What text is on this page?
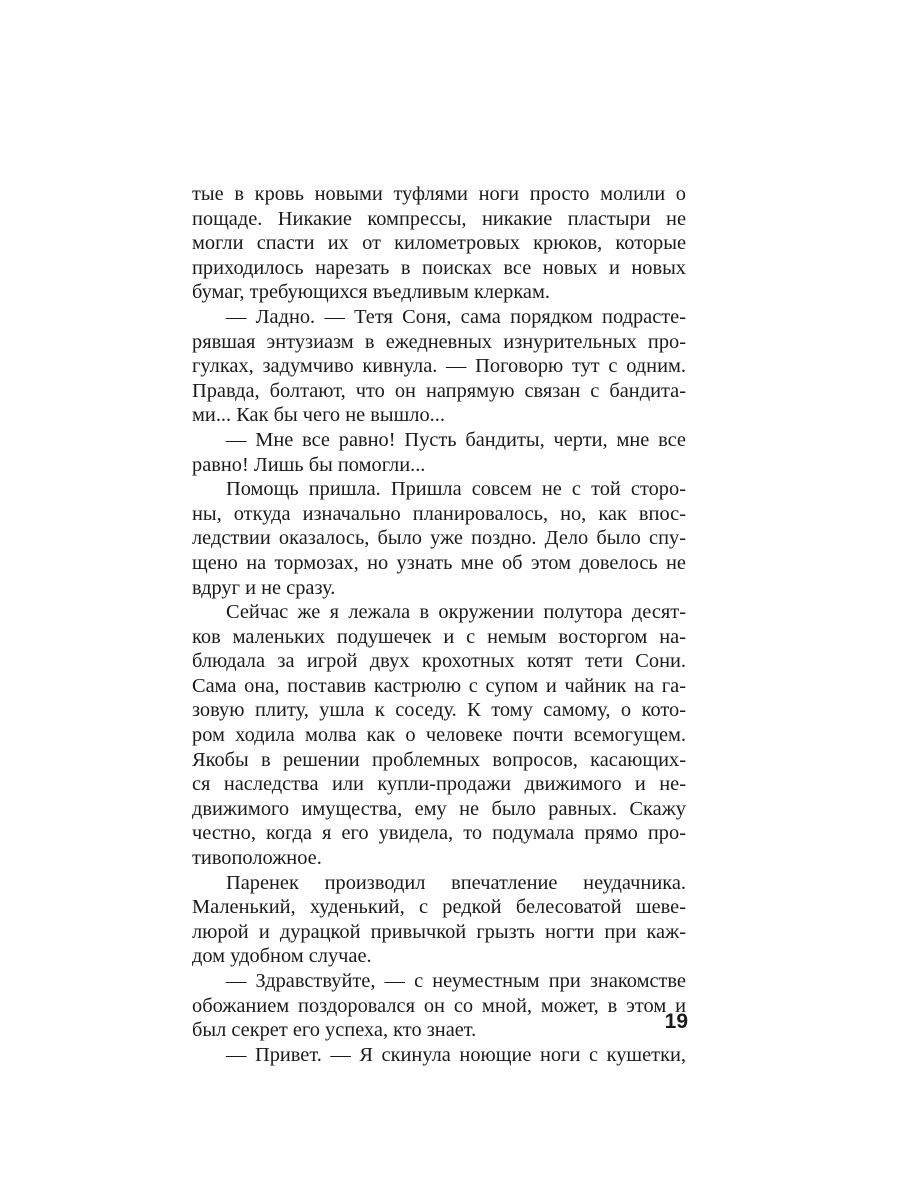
тые в кровь новыми туфлями ноги просто молили о
пощаде. Никакие компрессы, никакие пластыри не
могли спасти их от километровых крюков, которые
приходилось нарезать в поисках все новых и новых
бумаг, требующихся въедливым клеркам.
— Ладно. — Тетя Соня, сама порядком подрасте-
рявшая энтузиазм в ежедневных изнурительных про-
гулках, задумчиво кивнула. — Поговорю тут с одним.
Правда, болтают, что он напрямую связан с бандита-
ми... Как бы чего не вышло...
— Мне все равно! Пусть бандиты, черти, мне все
равно! Лишь бы помогли...
Помощь пришла. Пришла совсем не с той сторо-
ны, откуда изначально планировалось, но, как впос-
ледствии оказалось, было уже поздно. Дело было спу-
щено на тормозах, но узнать мне об этом довелось не
вдруг и не сразу.
Сейчас же я лежала в окружении полутора десят-
ков маленьких подушечек и с немым восторгом на-
блюдала за игрой двух крохотных котят тети Сони.
Сама она, поставив кастрюлю с супом и чайник на га-
зовую плиту, ушла к соседу. К тому самому, о кото-
ром ходила молва как о человеке почти всемогущем.
Якобы в решении проблемных вопросов, касающих-
ся наследства или купли-продажи движимого и не-
движимого имущества, ему не было равных. Скажу
честно, когда я его увидела, то подумала прямо про-
тивоположное.
Паренек производил впечатление неудачника.
Маленький, худенький, с редкой белесоватой шеве-
люрой и дурацкой привычкой грызть ногти при каж-
дом удобном случае.
— Здравствуйте, — с неуместным при знакомстве
обожанием поздоровался он со мной, может, в этом и
был секрет его успеха, кто знает.
— Привет. — Я скинула ноющие ноги с кушетки,
19
